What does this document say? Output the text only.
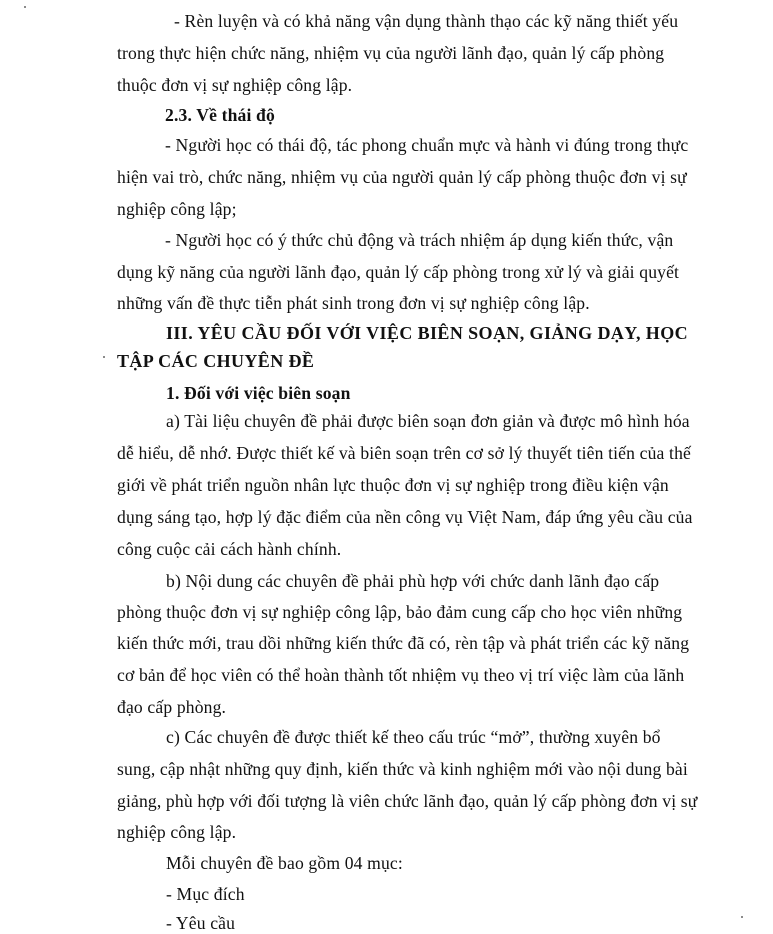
- Rèn luyện và có khả năng vận dụng thành thạo các kỹ năng thiết yếu
trong thực hiện chức năng, nhiệm vụ của người lãnh đạo, quản lý cấp phòng
thuộc đơn vị sự nghiệp công lập.
2.3. Về thái độ
- Người học có thái độ, tác phong chuẩn mực và hành vi đúng trong thực
hiện vai trò, chức năng, nhiệm vụ của người quản lý cấp phòng thuộc đơn vị sự
nghiệp công lập;
- Người học có ý thức chủ động và trách nhiệm áp dụng kiến thức, vận
dụng kỹ năng của người lãnh đạo, quản lý cấp phòng trong xử lý và giải quyết
những vấn đề thực tiễn phát sinh trong đơn vị sự nghiệp công lập.
III. YÊU CẦU ĐỐI VỚI VIỆC BIÊN SOẠN, GIẢNG DẠY, HỌC
TẬP CÁC CHUYÊN ĐỀ
1. Đối với việc biên soạn
a) Tài liệu chuyên đề phải được biên soạn đơn giản và được mô hình hóa
dễ hiểu, dễ nhớ. Được thiết kế và biên soạn trên cơ sở lý thuyết tiên tiến của thế
giới về phát triển nguồn nhân lực thuộc đơn vị sự nghiệp trong điều kiện vận
dụng sáng tạo, hợp lý đặc điểm của nền công vụ Việt Nam, đáp ứng yêu cầu của
công cuộc cải cách hành chính.
b) Nội dung các chuyên đề phải phù hợp với chức danh lãnh đạo cấp
phòng thuộc đơn vị sự nghiệp công lập, bảo đảm cung cấp cho học viên những
kiến thức mới, trau dồi những kiến thức đã có, rèn tập và phát triển các kỹ năng
cơ bản để học viên có thể hoàn thành tốt nhiệm vụ theo vị trí việc làm của lãnh
đạo cấp phòng.
c) Các chuyên đề được thiết kế theo cấu trúc “mở”, thường xuyên bổ
sung, cập nhật những quy định, kiến thức và kinh nghiệm mới vào nội dung bài
giảng, phù hợp với đối tượng là viên chức lãnh đạo, quản lý cấp phòng đơn vị sự
nghiệp công lập.
Mỗi chuyên đề bao gồm 04 mục:
- Mục đích
- Yêu cầu
